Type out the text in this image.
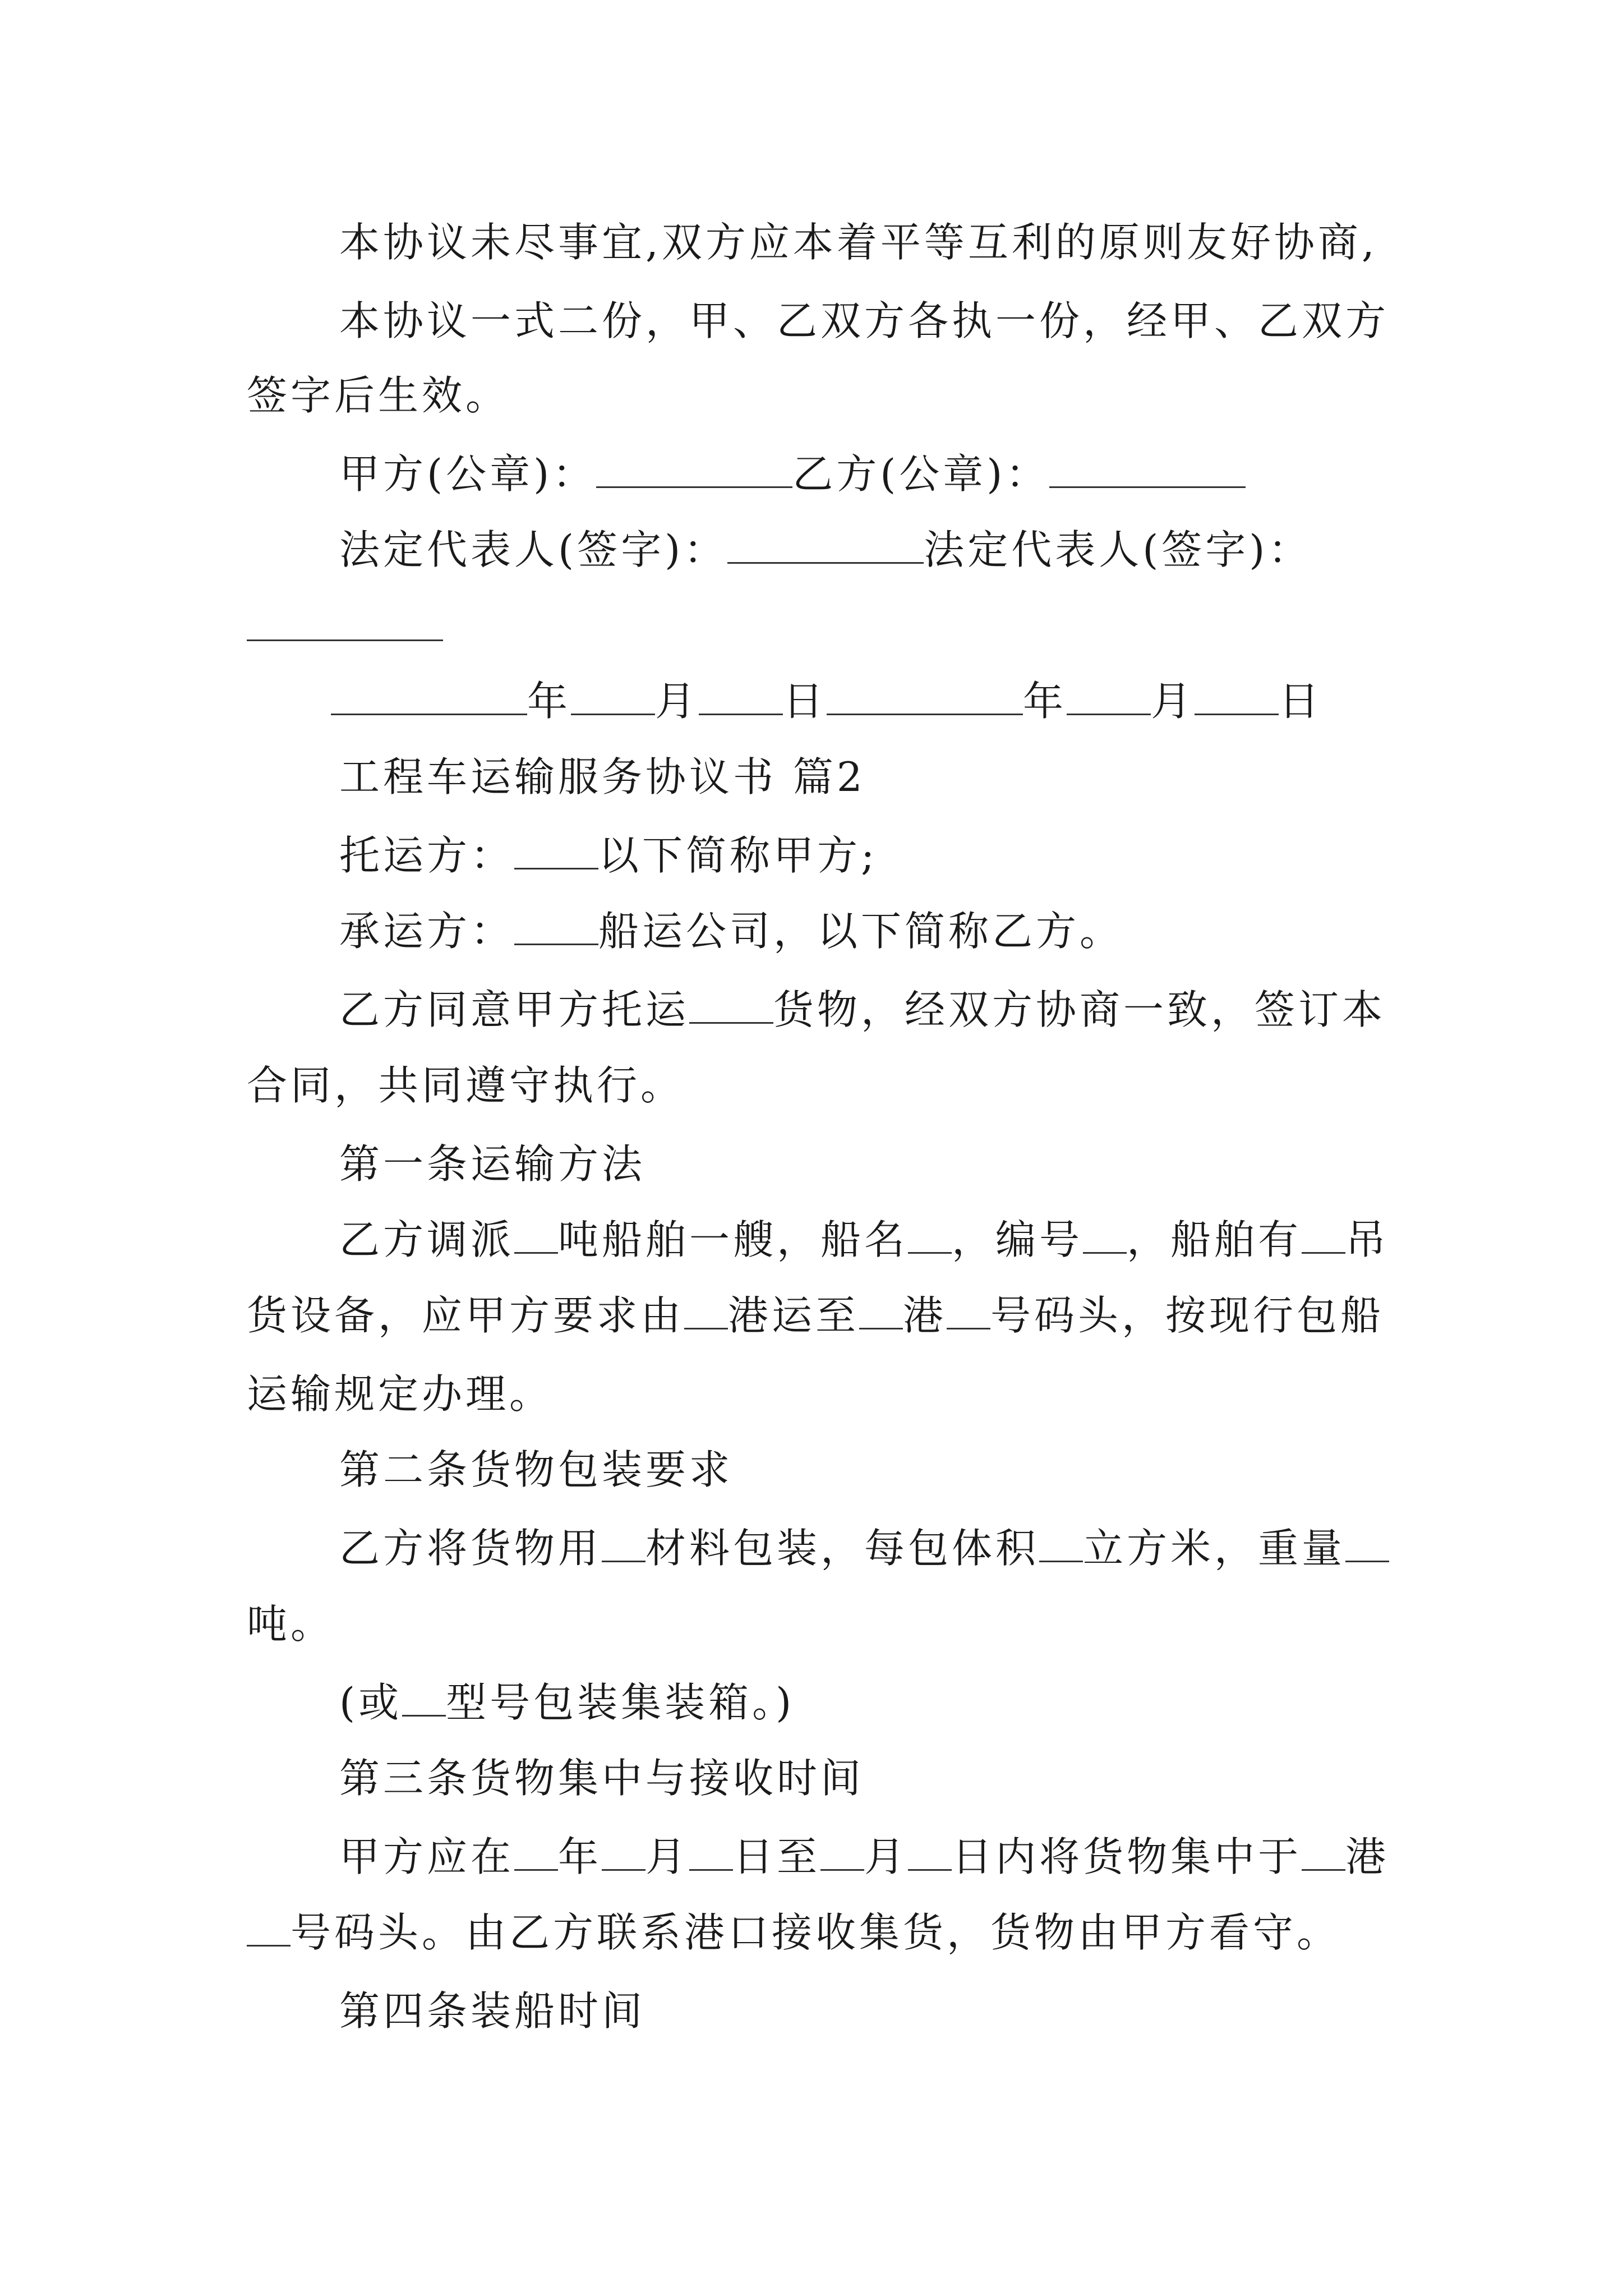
本协议未尽事宜,双方应本着平等互利的原则友好协商,
本协议一式二份，甲、乙双方各执一份，经甲、乙双方
签字后生效。
甲方(公章)：	乙方(公章)：
法定代表人(签字)：	法定代表人(签字)：
年 月 日	年 月 日
工程车运输服务协议书 篇2
托运方： 以下简称甲方;
承运方： 船运公司，以下简称乙方。
乙方同意甲方托运 货物，经双方协商一致，签订本
合同，共同遵守执行。
第一条运输方法
乙方调派 吨船舶一艘，船名 ，编号 ，船舶有 吊
货设备，应甲方要求由 港运至 港 号码头，按现行包船
运输规定办理。
第二条货物包装要求
乙方将货物用 材料包装，每包体积 立方米，重量
吨。
(或 型号包装集装箱。)
第三条货物集中与接收时间
甲方应在 年 月 日至 月 日内将货物集中于 港
号码头。由乙方联系港口接收集货，货物由甲方看守。
第四条装船时间
